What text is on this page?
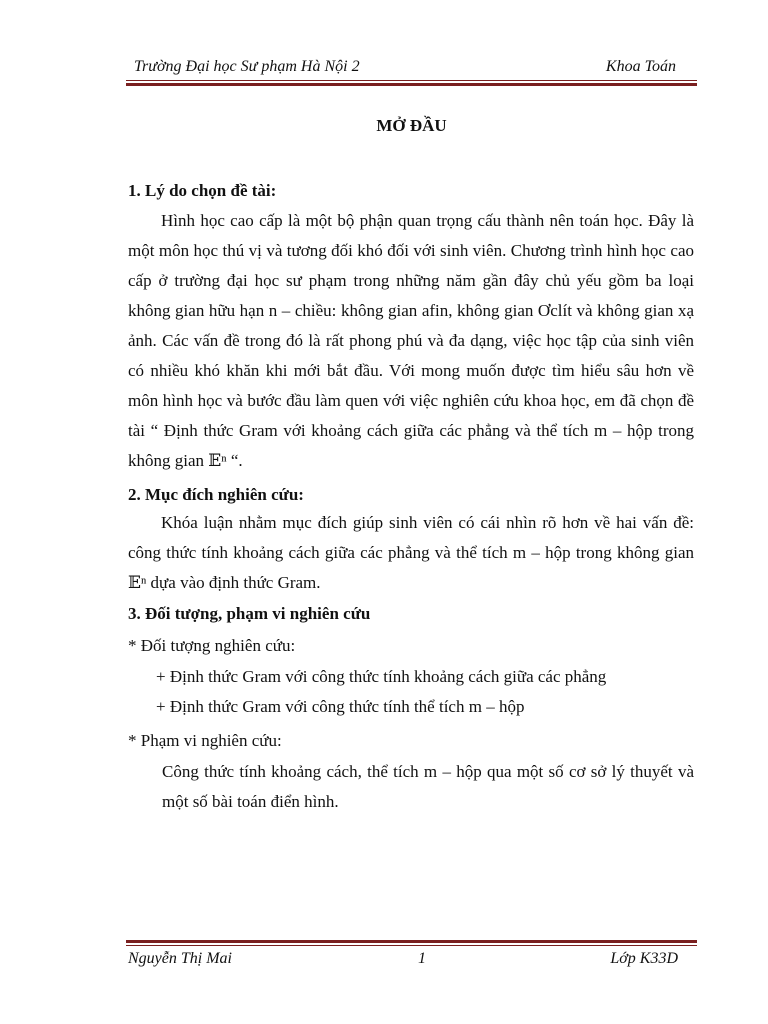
Trường Đại học Sư phạm Hà Nội 2	Khoa Toán
MỞ ĐẦU
1. Lý do chọn đề tài:

Hình học cao cấp là một bộ phận quan trọng cấu thành nên toán học. Đây là một môn học thú vị và tương đối khó đối với sinh viên. Chương trình hình học cao cấp ở trường đại học sư phạm trong những năm gần đây chủ yếu gồm ba loại không gian hữu hạn n – chiều: không gian afin, không gian Ơclít và không gian xạ ảnh. Các vấn đề trong đó là rất phong phú và đa dạng, việc học tập của sinh viên có nhiều khó khăn khi mới bắt đầu. Với mong muốn được tìm hiểu sâu hơn về môn hình học và bước đầu làm quen với việc nghiên cứu khoa học, em đã chọn đề tài “ Định thức Gram với khoảng cách giữa các phẳng và thể tích m – hộp trong không gian 𝔼ⁿ “.

2. Mục đích nghiên cứu:

Khóa luận nhằm mục đích giúp sinh viên có cái nhìn rõ hơn về hai vấn đề: công thức tính khoảng cách giữa các phẳng và thể tích m – hộp trong không gian 𝔼ⁿ dựa vào định thức Gram.

3. Đối tượng, phạm vi nghiên cứu
* Đối tượng nghiên cứu:
+ Định thức Gram với công thức tính khoảng cách giữa các phẳng
+ Định thức Gram với công thức tính thể tích m – hộp
* Phạm vi nghiên cứu:

Công thức tính khoảng cách, thể tích m – hộp qua một số cơ sở lý thuyết và một số bài toán điển hình.

Nguyễn Thị Mai	1	Lớp K33D
